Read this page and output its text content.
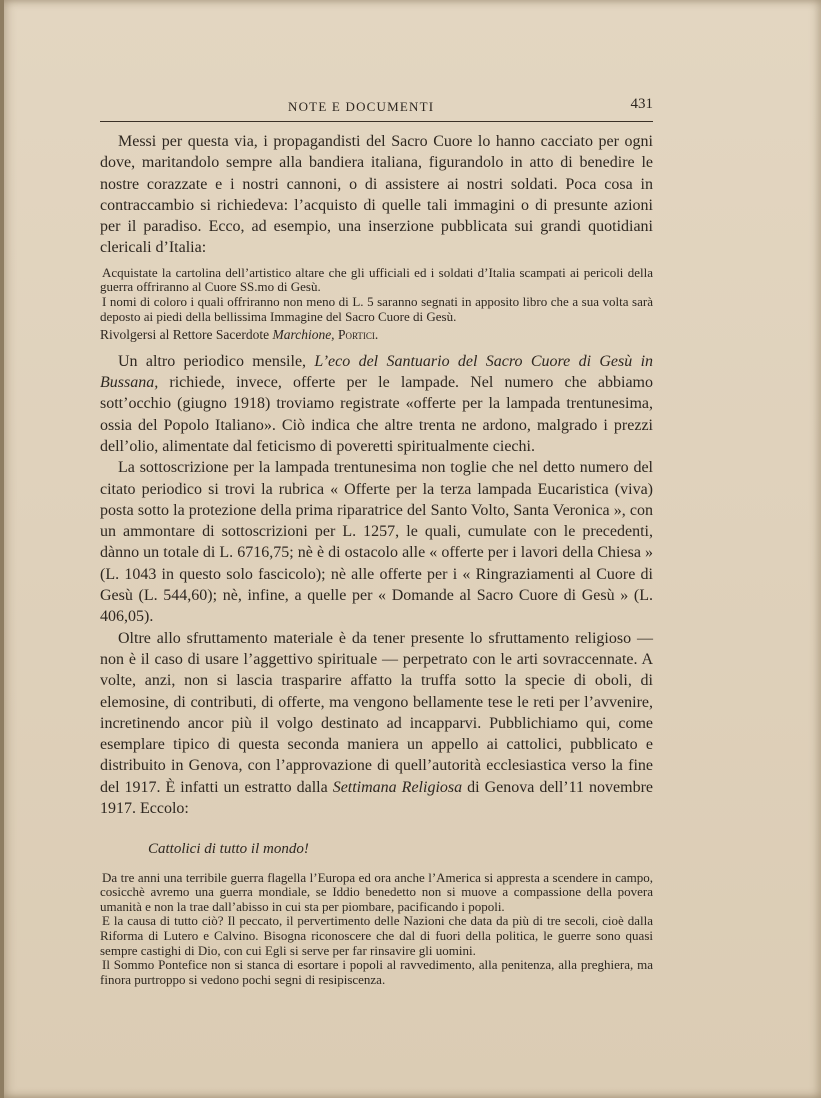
NOTE E DOCUMENTI	431

Messi per questa via, i propagandisti del Sacro Cuore lo hanno cacciato per ogni dove, maritandolo sempre alla bandiera italiana, figurandolo in atto di benedire le nostre corazzate e i nostri cannoni, o di assistere ai nostri soldati. Poca cosa in contraccambio si richiedeva: l’acquisto di quelle tali immagini o di presunte azioni per il paradiso. Ecco, ad esempio, una inserzione pubblicata sui grandi quotidiani clericali d’Italia:

Acquistate la cartolina dell’artistico altare che gli ufficiali ed i soldati d’Italia scampati ai pericoli della guerra offriranno al Cuore SS.mo di Gesù.

I nomi di coloro i quali offriranno non meno di L. 5 saranno segnati in apposito libro che a sua volta sarà deposto ai piedi della bellissima Immagine del Sacro Cuore di Gesù.

Rivolgersi al Rettore Sacerdote Marchione, Portici.

Un altro periodico mensile, L’eco del Santuario del Sacro Cuore di Gesù in Bussana, richiede, invece, offerte per le lampade. Nel numero che abbiamo sott’occhio (giugno 1918) troviamo registrate «offerte per la lampada trentunesima, ossia del Popolo Italiano». Ciò indica che altre trenta ne ardono, malgrado i prezzi dell’olio, alimentate dal feticismo di poveretti spiritualmente ciechi.

La sottoscrizione per la lampada trentunesima non toglie che nel detto numero del citato periodico si trovi la rubrica « Offerte per la terza lampada Eucaristica (viva) posta sotto la protezione della prima riparatrice del Santo Volto, Santa Veronica », con un ammontare di sottoscrizioni per L. 1257, le quali, cumulate con le precedenti, dànno un totale di L. 6716,75; nè è di ostacolo alle « offerte per i lavori della Chiesa » (L. 1043 in questo solo fascicolo); nè alle offerte per i « Ringraziamenti al Cuore di Gesù (L. 544,60); nè, infine, a quelle per « Domande al Sacro Cuore di Gesù » (L. 406,05).

Oltre allo sfruttamento materiale è da tener presente lo sfruttamento religioso — non è il caso di usare l’aggettivo spirituale — perpetrato con le arti sovraccennate. A volte, anzi, non si lascia trasparire affatto la truffa sotto la specie di oboli, di elemosine, di contributi, di offerte, ma vengono bellamente tese le reti per l’avvenire, incretinendo ancor più il volgo destinato ad incapparvi. Pubblichiamo qui, come esemplare tipico di questa seconda maniera un appello ai cattolici, pubblicato e distribuito in Genova, con l’approvazione di quell’autorità ecclesiastica verso la fine del 1917. È infatti un estratto dalla Settimana Religiosa di Genova dell’11 novembre 1917. Eccolo:

Cattolici di tutto il mondo!

Da tre anni una terribile guerra flagella l’Europa ed ora anche l’America si appresta a scendere in campo, cosicchè avremo una guerra mondiale, se Iddio benedetto non si muove a compassione della povera umanità e non la trae dall’abisso in cui sta per piombare, pacificando i popoli.

E la causa di tutto ciò? Il peccato, il pervertimento delle Nazioni che data da più di tre secoli, cioè dalla Riforma di Lutero e Calvino. Bisogna riconoscere che dal di fuori della politica, le guerre sono quasi sempre castighi di Dio, con cui Egli si serve per far rinsavire gli uomini.

Il Sommo Pontefice non si stanca di esortare i popoli al ravvedimento, alla penitenza, alla preghiera, ma finora purtroppo si vedono pochi segni di resipiscenza.
